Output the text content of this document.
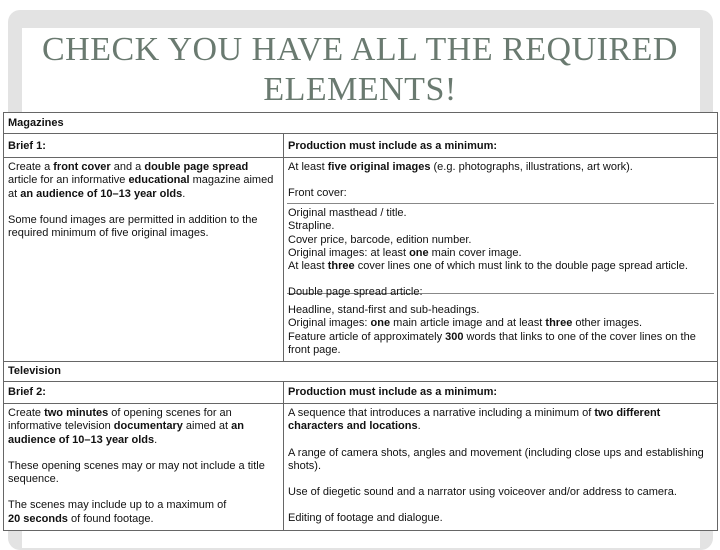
CHECK YOU HAVE ALL THE REQUIRED
ELEMENTS!
Magazines
Brief 1:	Production must include as a minimum:
Create a front cover and a double page spread
article for an informative educational magazine aimed
at an audience of 10–13 year olds.
Some found images are permitted in addition to the
required minimum of five original images.
At least five original images (e.g. photographs, illustrations, art work).
Front cover:
Original masthead / title.
Strapline.
Cover price, barcode, edition number.
Original images: at least one main cover image.
At least three cover lines one of which must link to the double page spread article.
Double page spread article:
Headline, stand-first and sub-headings.
Original images: one main article image and at least three other images.
Feature article of approximately 300 words that links to one of the cover lines on the
front page.
Television
Brief 2:	Production must include as a minimum:
Create two minutes of opening scenes for an
informative television documentary aimed at an
audience of 10–13 year olds.
These opening scenes may or may not include a title
sequence.
The scenes may include up to a maximum of
20 seconds of found footage.
A sequence that introduces a narrative including a minimum of two different
characters and locations.
A range of camera shots, angles and movement (including close ups and establishing
shots).
Use of diegetic sound and a narrator using voiceover and/or address to camera.
Editing of footage and dialogue.
